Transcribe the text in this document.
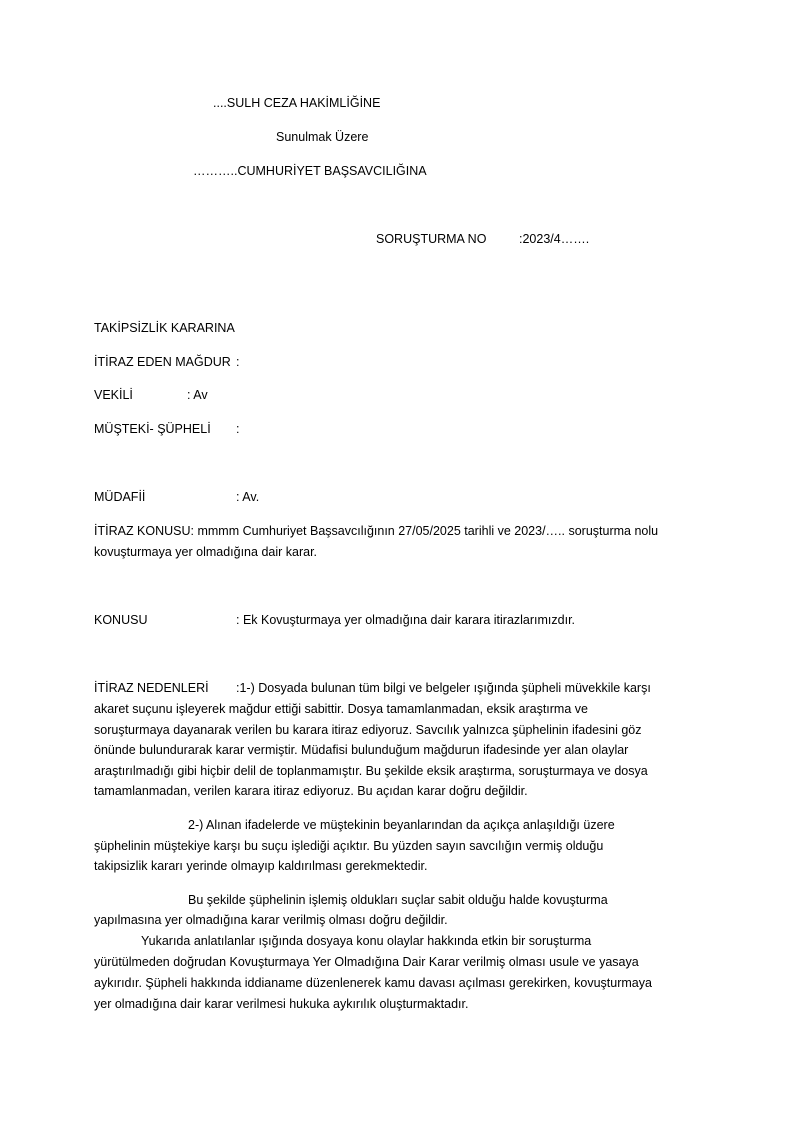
....SULH CEZA HAKİMLİĞİNE
Sunulmak Üzere
………..CUMHURİYET BAŞSAVCILIĞINA
SORUŞTURMA NO	:2023/4…….
TAKİPSİZLİK KARARINA
İTİRAZ EDEN MAĞDUR :
VEKİLİ	: Av
MÜŞTEKİ- ŞÜPHELİ :
MÜDAFİİ	: Av.
İTİRAZ KONUSU: mmmm Cumhuriyet Başsavcılığının 27/05/2025 tarihli ve 2023/….. soruşturma nolu
kovuşturmaya yer olmadığına dair karar.
KONUSU	: Ek Kovuşturmaya yer olmadığına dair karara itirazlarımızdır.
İTİRAZ NEDENLERİ :1-) Dosyada bulunan tüm bilgi ve belgeler ışığında şüpheli müvekkile karşı
akaret suçunu işleyerek mağdur ettiği sabittir. Dosya tamamlanmadan, eksik araştırma ve
soruşturmaya dayanarak verilen bu karara itiraz ediyoruz. Savcılık yalnızca şüphelinin ifadesini göz
önünde bulundurarak karar vermiştir. Müdafisi bulunduğum mağdurun ifadesinde yer alan olaylar
araştırılmadığı gibi hiçbir delil de toplanmamıştır. Bu şekilde eksik araştırma, soruşturmaya ve dosya
tamamlanmadan, verilen karara itiraz ediyoruz. Bu açıdan karar doğru değildir.
2-) Alınan ifadelerde ve müştekinin beyanlarından da açıkça anlaşıldığı üzere
şüphelinin müştekiye karşı bu suçu işlediği açıktır. Bu yüzden sayın savcılığın vermiş olduğu
takipsizlik kararı yerinde olmayıp kaldırılması gerekmektedir.
Bu şekilde şüphelinin işlemiş oldukları suçlar sabit olduğu halde kovuşturma
yapılmasına yer olmadığına karar verilmiş olması doğru değildir.
Yukarıda anlatılanlar ışığında dosyaya konu olaylar hakkında etkin bir soruşturma
yürütülmeden doğrudan Kovuşturmaya Yer Olmadığına Dair Karar verilmiş olması usule ve yasaya
aykırıdır. Şüpheli hakkında iddianame düzenlenerek kamu davası açılması gerekirken, kovuşturmaya
yer olmadığına dair karar verilmesi hukuka aykırılık oluşturmaktadır.
